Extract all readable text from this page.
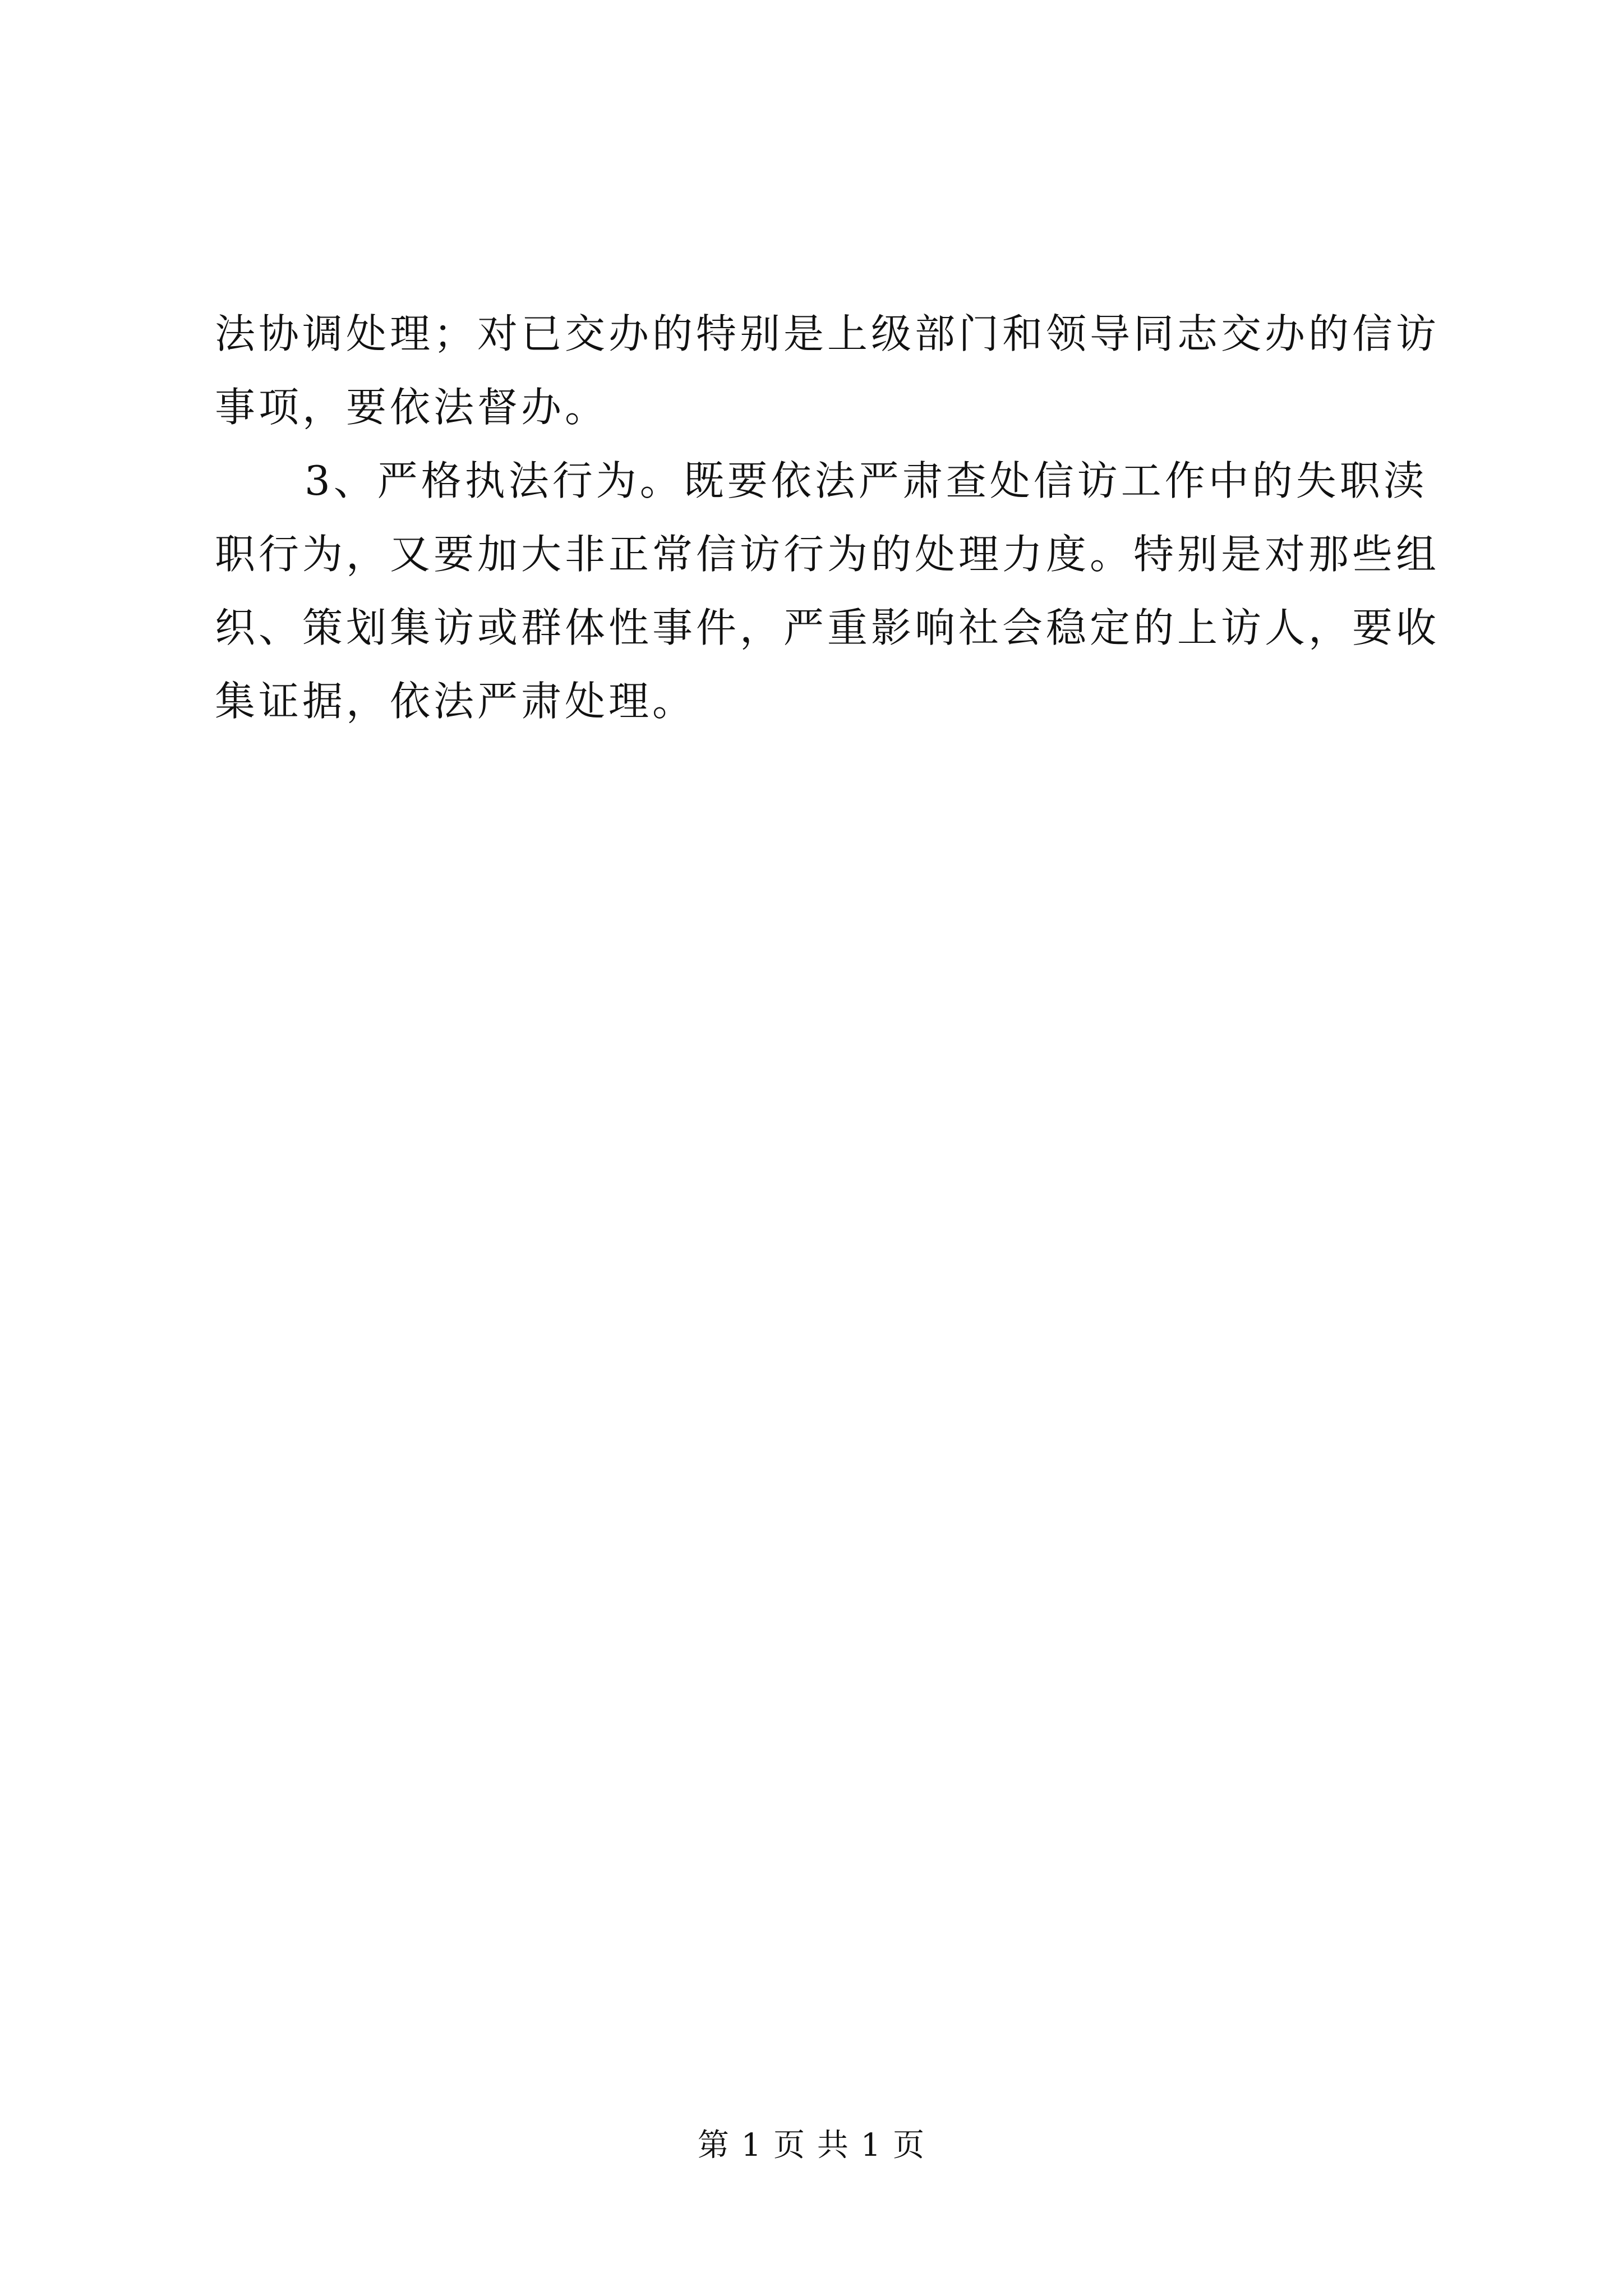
法协调处理；对已交办的特别是上级部门和领导同志交办的信访
事项，要依法督办。
3、严格执法行为。既要依法严肃查处信访工作中的失职渎
职行为，又要加大非正常信访行为的处理力度。特别是对那些组
织、策划集访或群体性事件，严重影响社会稳定的上访人，要收
集证据，依法严肃处理。
第 1 页 共 1 页
